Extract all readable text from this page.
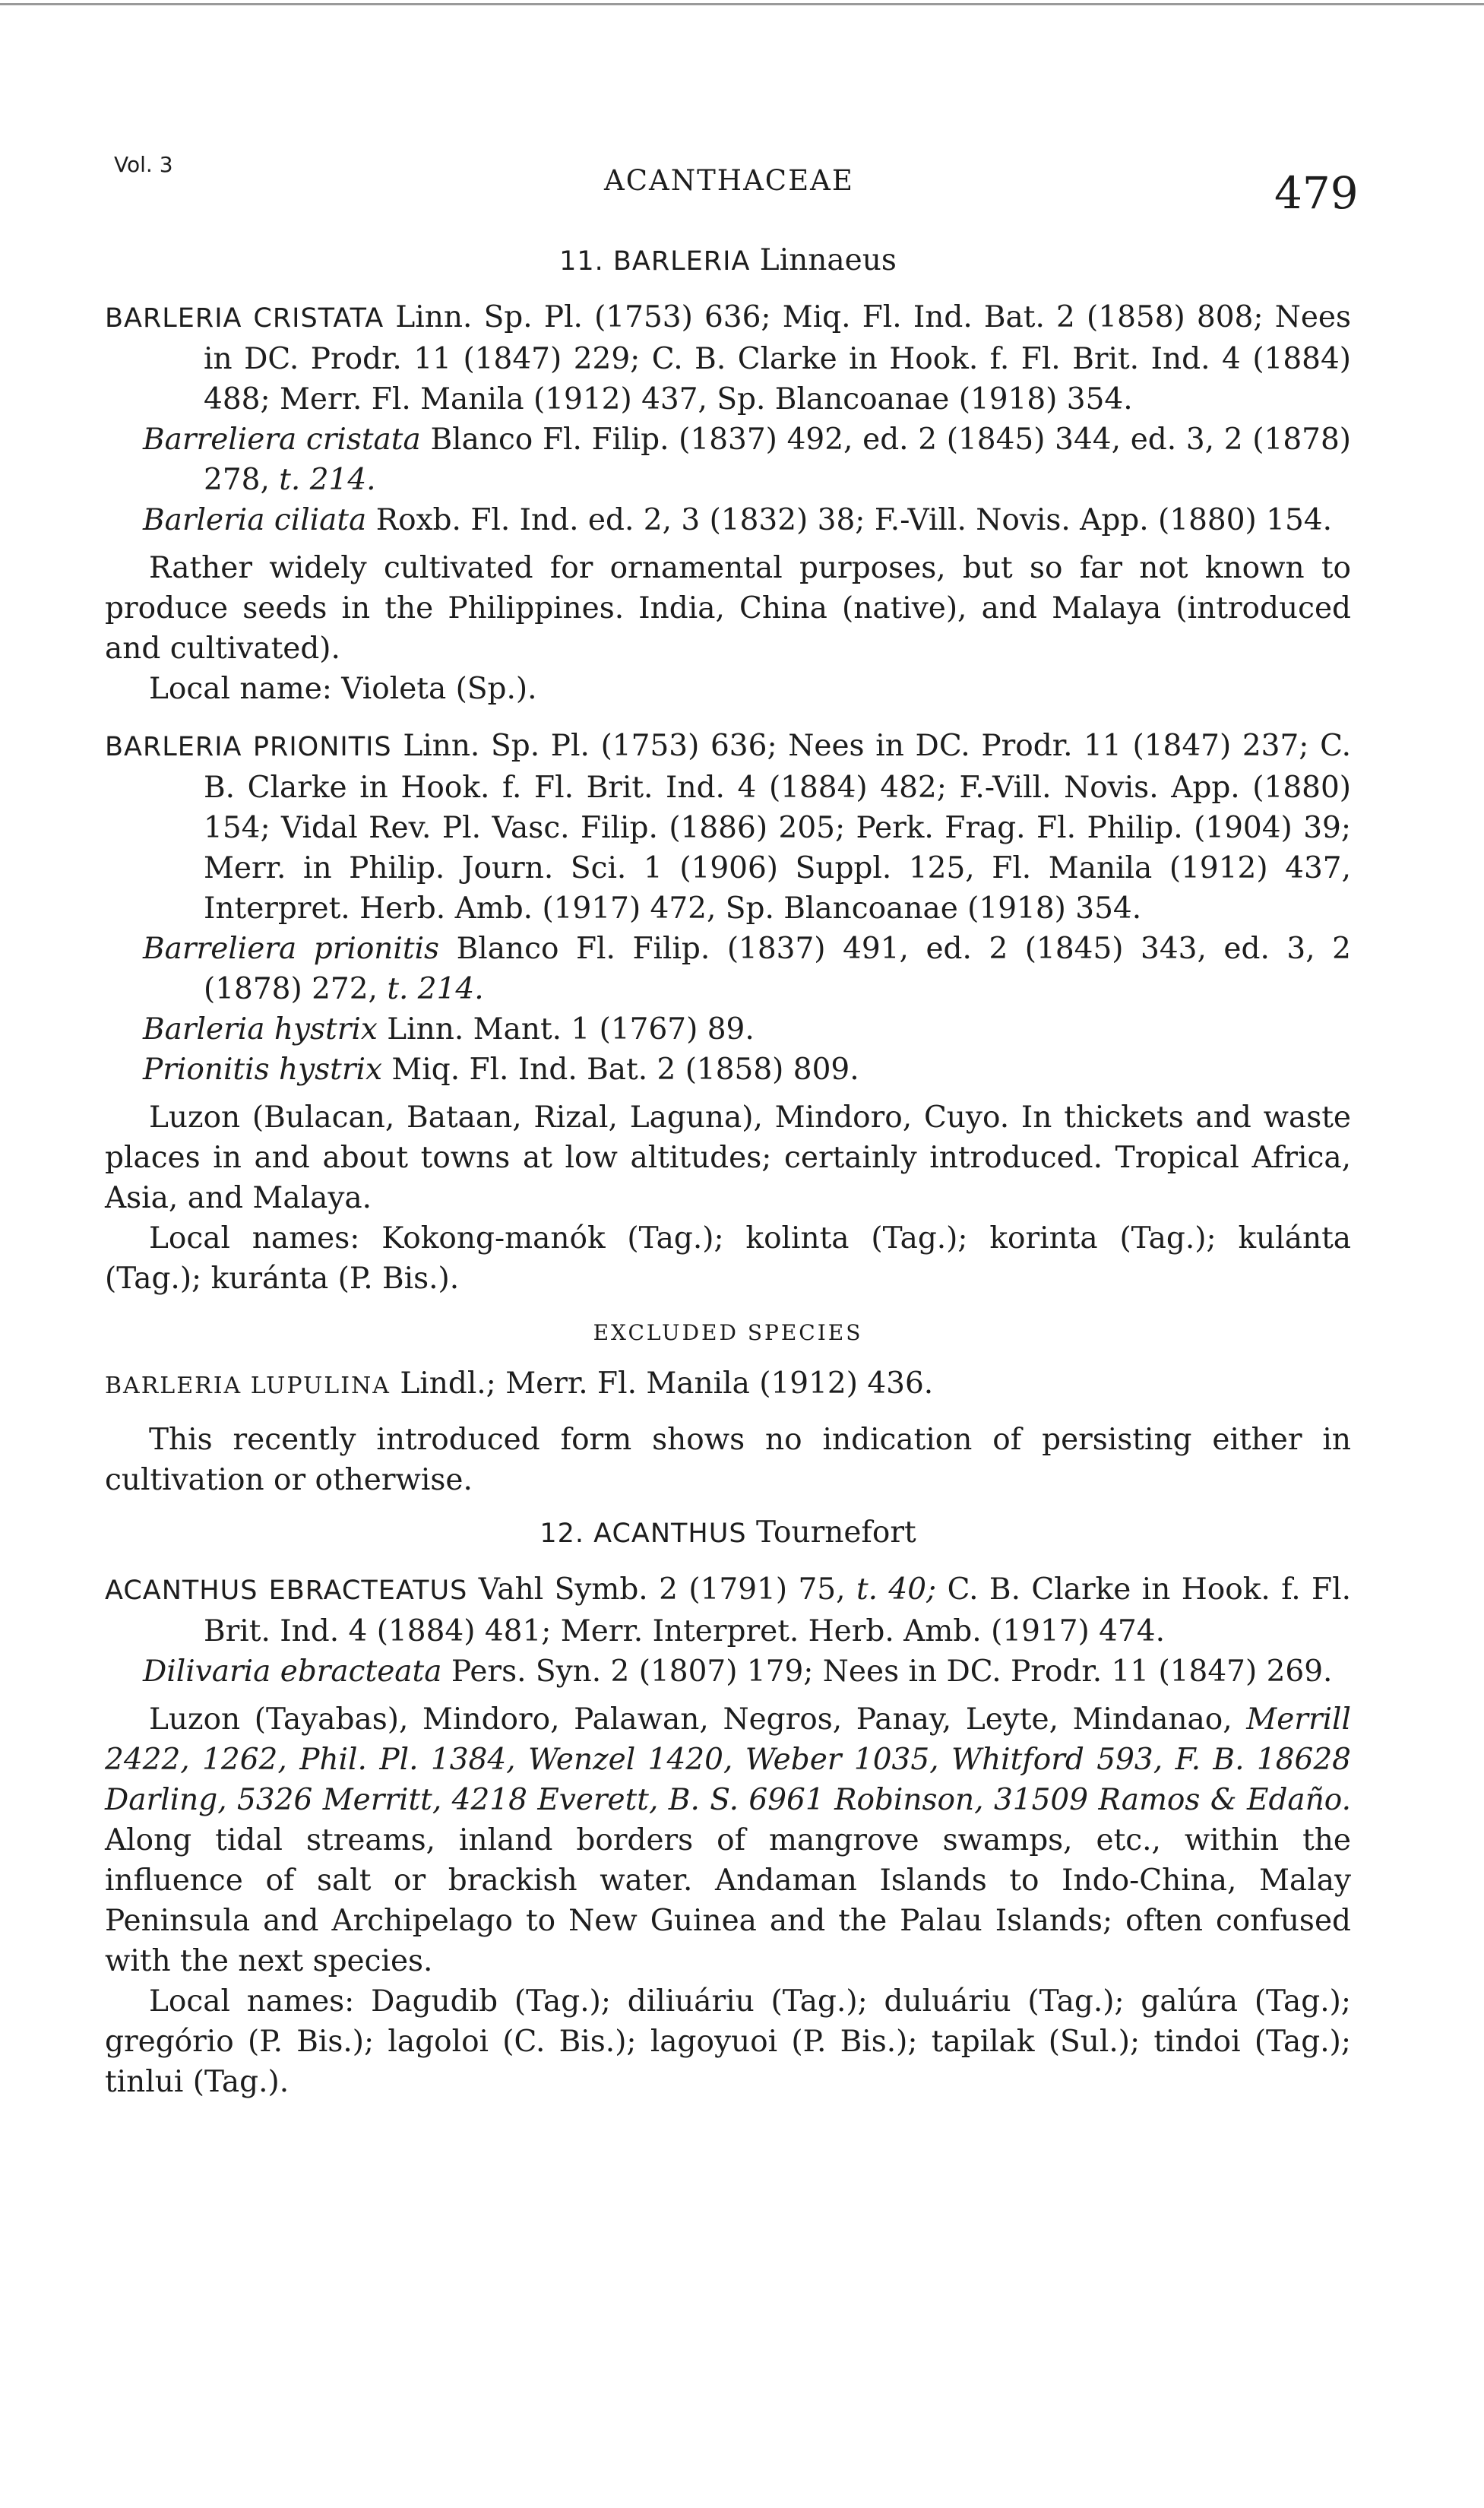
Vol. 3	ACANTHACEAE	479

11. BARLERIA Linnaeus

BARLERIA CRISTATA Linn. Sp. Pl. (1753) 636; Miq. Fl. Ind. Bat. 2 (1858) 808; Nees in DC. Prodr. 11 (1847) 229; C. B. Clarke in Hook. f. Fl. Brit. Ind. 4 (1884) 488; Merr. Fl. Manila (1912) 437, Sp. Blancoanae (1918) 354.

Barreliera cristata Blanco Fl. Filip. (1837) 492, ed. 2 (1845) 344, ed. 3, 2 (1878) 278, t. 214.

Barleria ciliata Roxb. Fl. Ind. ed. 2, 3 (1832) 38; F.-Vill. Novis. App. (1880) 154.

Rather widely cultivated for ornamental purposes, but so far not known to produce seeds in the Philippines. India, China (native), and Malaya (introduced and cultivated).

Local name: Violeta (Sp.).

BARLERIA PRIONITIS Linn. Sp. Pl. (1753) 636; Nees in DC. Prodr. 11 (1847) 237; C. B. Clarke in Hook. f. Fl. Brit. Ind. 4 (1884) 482; F.-Vill. Novis. App. (1880) 154; Vidal Rev. Pl. Vasc. Filip. (1886) 205; Perk. Frag. Fl. Philip. (1904) 39; Merr. in Philip. Journ. Sci. 1 (1906) Suppl. 125, Fl. Manila (1912) 437, Interpret. Herb. Amb. (1917) 472, Sp. Blancoanae (1918) 354.

Barreliera prionitis Blanco Fl. Filip. (1837) 491, ed. 2 (1845) 343, ed. 3, 2 (1878) 272, t. 214.

Barleria hystrix Linn. Mant. 1 (1767) 89.

Prionitis hystrix Miq. Fl. Ind. Bat. 2 (1858) 809.

Luzon (Bulacan, Bataan, Rizal, Laguna), Mindoro, Cuyo. In thickets and waste places in and about towns at low altitudes; certainly introduced. Tropical Africa, Asia, and Malaya.

Local names: Kokong-manók (Tag.); kolinta (Tag.); korinta (Tag.); kulánta (Tag.); kuránta (P. Bis.).

EXCLUDED SPECIES

BARLERIA LUPULINA Lindl.; Merr. Fl. Manila (1912) 436.

This recently introduced form shows no indication of persisting either in cultivation or otherwise.

12. ACANTHUS Tournefort

ACANTHUS EBRACTEATUS Vahl Symb. 2 (1791) 75, t. 40; C. B. Clarke in Hook. f. Fl. Brit. Ind. 4 (1884) 481; Merr. Interpret. Herb. Amb. (1917) 474.

Dilivaria ebracteata Pers. Syn. 2 (1807) 179; Nees in DC. Prodr. 11 (1847) 269.

Luzon (Tayabas), Mindoro, Palawan, Negros, Panay, Leyte, Mindanao, Merrill 2422, 1262, Phil. Pl. 1384, Wenzel 1420, Weber 1035, Whitford 593, F. B. 18628 Darling, 5326 Merritt, 4218 Everett, B. S. 6961 Robinson, 31509 Ramos & Edaño. Along tidal streams, inland borders of mangrove swamps, etc., within the influence of salt or brackish water. Andaman Islands to Indo-China, Malay Peninsula and Archipelago to New Guinea and the Palau Islands; often confused with the next species.

Local names: Dagudib (Tag.); diliuáriu (Tag.); duluáriu (Tag.); galúra (Tag.); gregório (P. Bis.); lagoloi (C. Bis.); lagoyuoi (P. Bis.); tapilak (Sul.); tindoi (Tag.); tinlui (Tag.).
